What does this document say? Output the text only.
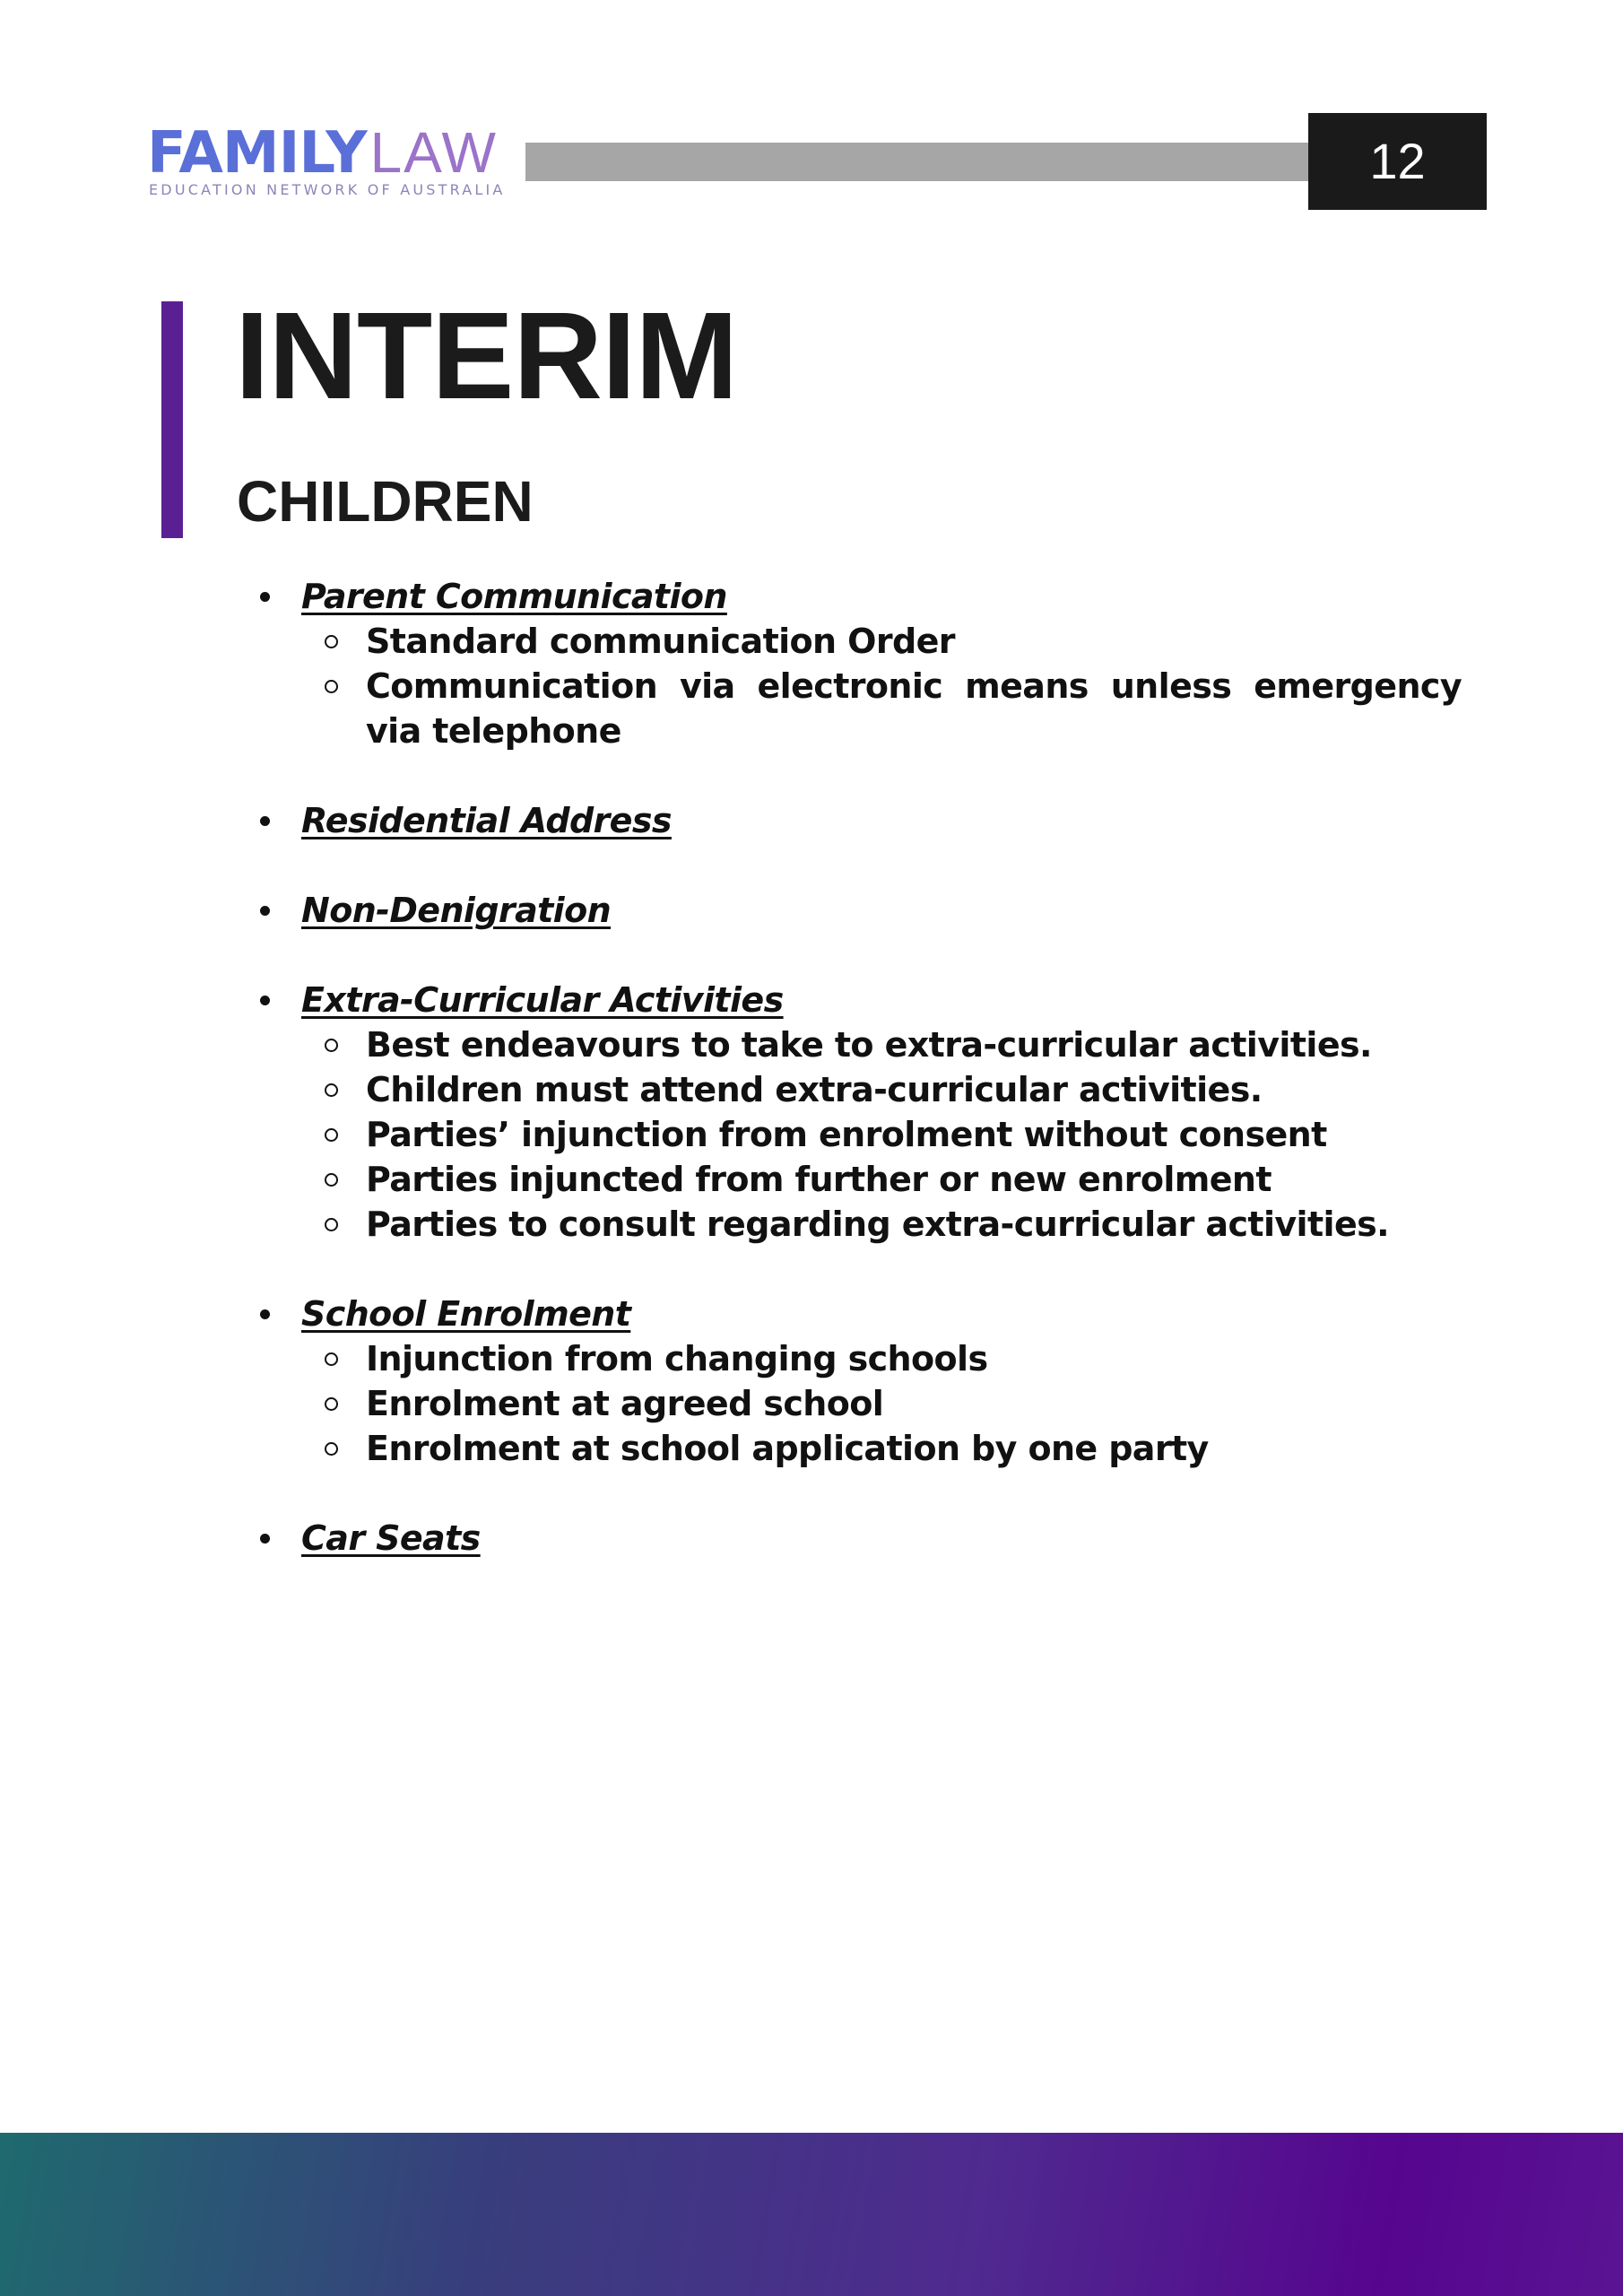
FAMILYLAW
EDUCATION NETWORK OF AUSTRALIA
12
INTERIM
CHILDREN
Parent Communication
Standard communication Order
Communication via electronic means unless emergency via telephone
Residential Address
Non-Denigration
Extra-Curricular Activities
Best endeavours to take to extra-curricular activities.
Children must attend extra-curricular activities.
Parties’ injunction from enrolment without consent
Parties injuncted from further or new enrolment
Parties to consult regarding extra-curricular activities.
School Enrolment
Injunction from changing schools
Enrolment at agreed school
Enrolment at school application by one party
Car Seats
